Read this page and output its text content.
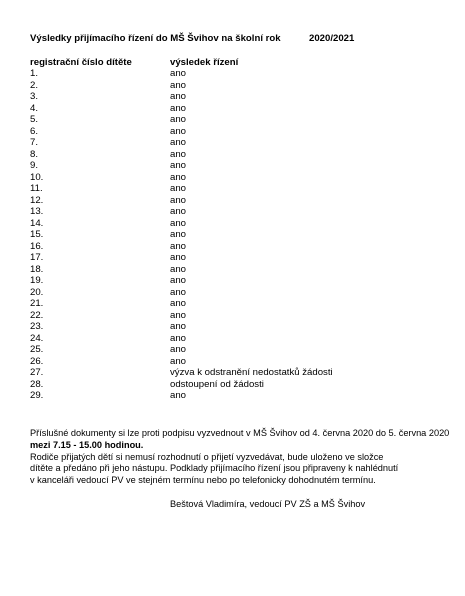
Výsledky přijímacího řízení do MŠ Švihov na školní rok	2020/2021
registrační číslo dítěte	výsledek řízení
1.	ano
2.	ano
3.	ano
4.	ano
5.	ano
6.	ano
7.	ano
8.	ano
9.	ano
10.	ano
11.	ano
12.	ano
13.	ano
14.	ano
15.	ano
16.	ano
17.	ano
18.	ano
19.	ano
20.	ano
21.	ano
22.	ano
23.	ano
24.	ano
25.	ano
26.	ano
27.	výzva k odstranění nedostatků žádosti
28.	odstoupení od žádosti
29.	ano
Příslušné dokumenty si lze proti podpisu vyzvednout v MŠ Švihov od 4. června 2020 do 5. června 2020
mezi 7.15 - 15.00 hodinou.
Rodiče přijatých dětí si nemusí rozhodnutí o přijetí vyzvedávat, bude uloženo ve složce
dítěte a předáno při jeho nástupu. Podklady přijímacího řízení jsou připraveny k nahlédnutí
v kanceláři vedoucí PV ve stejném termínu nebo po telefonicky dohodnutém termínu.
Beštová Vladimíra, vedoucí PV ZŠ a MŠ Švihov
